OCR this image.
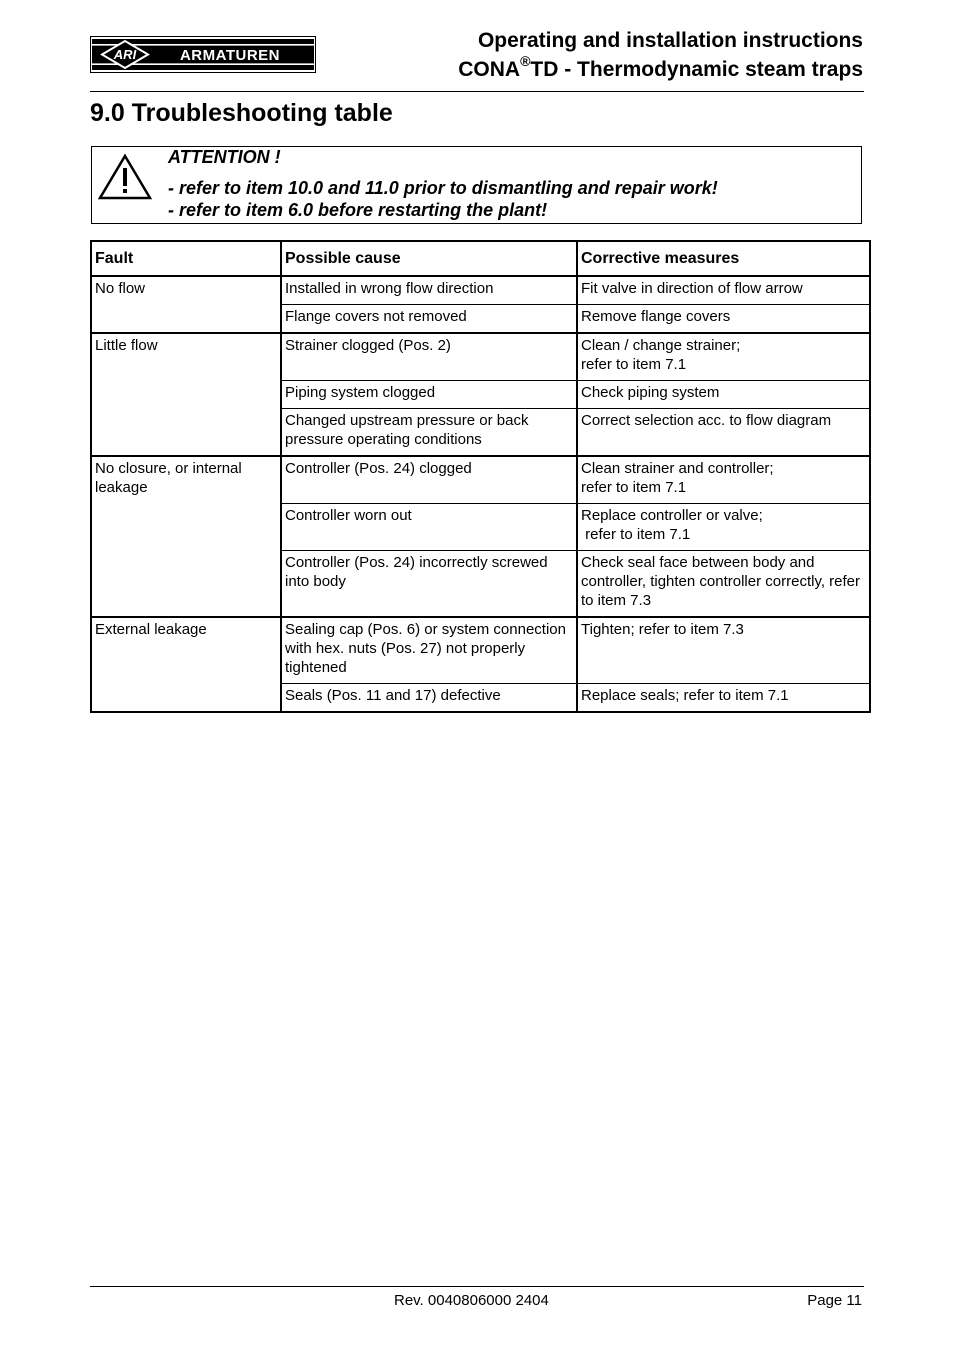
ARI	ARMATUREN
Operating and installation instructions
CONA®TD - Thermodynamic steam traps
9.0 Troubleshooting table
ATTENTION !
- refer to item 10.0 and 11.0 prior to dismantling and repair work!
- refer to item 6.0 before restarting the plant!
Fault	Possible cause	Corrective measures
No flow	Installed in wrong flow direction	Fit valve in direction of flow arrow
	Flange covers not removed	Remove flange covers
Little flow	Strainer clogged (Pos. 2)	Clean / change strainer;
refer to item 7.1
	Piping system clogged	Check piping system
	Changed upstream pressure or back pressure operating conditions	Correct selection acc. to flow diagram
No closure, or internal leakage	Controller (Pos. 24) clogged	Clean strainer and controller;
refer to item 7.1
	Controller worn out	Replace controller or valve;
refer to item 7.1
	Controller (Pos. 24) incorrectly screwed into body	Check seal face between body and controller, tighten controller correctly, refer to item 7.3
External leakage	Sealing cap (Pos. 6) or system connection with hex. nuts (Pos. 27) not properly tightened	Tighten; refer to item 7.3
	Seals (Pos. 11 and 17) defective	Replace seals; refer to item 7.1
Rev. 0040806000 2404	Page 11
